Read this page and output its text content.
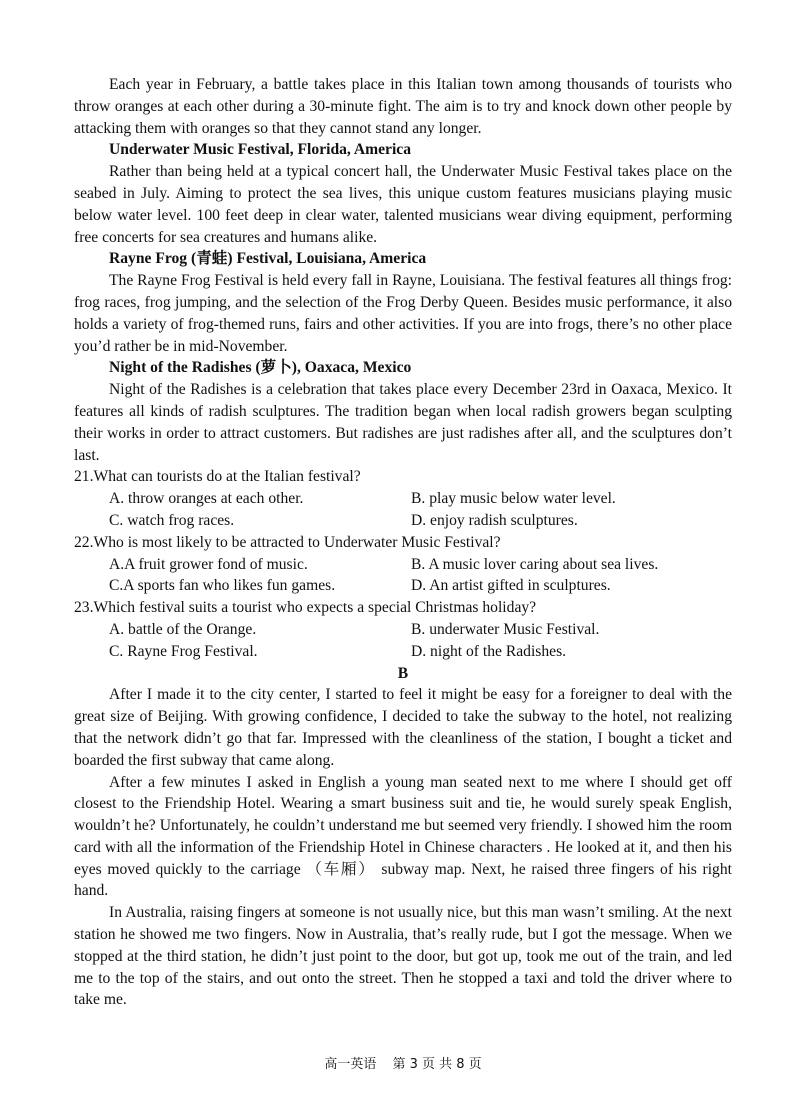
Each year in February, a battle takes place in this Italian town among thousands of tourists who throw oranges at each other during a 30-minute fight. The aim is to try and knock down other people by attacking them with oranges so that they cannot stand any longer.

Underwater Music Festival, Florida, America

Rather than being held at a typical concert hall, the Underwater Music Festival takes place on the seabed in July. Aiming to protect the sea lives, this unique custom features musicians playing music below water level. 100 feet deep in clear water, talented musicians wear diving equipment, performing free concerts for sea creatures and humans alike.

Rayne Frog (青蛙) Festival, Louisiana, America

The Rayne Frog Festival is held every fall in Rayne, Louisiana. The festival features all things frog: frog races, frog jumping, and the selection of the Frog Derby Queen. Besides music performance, it also holds a variety of frog-themed runs, fairs and other activities. If you are into frogs, there’s no other place you’d rather be in mid-November.

Night of the Radishes (萝卜), Oaxaca, Mexico

Night of the Radishes is a celebration that takes place every December 23rd in Oaxaca, Mexico. It features all kinds of radish sculptures. The tradition began when local radish growers began sculpting their works in order to attract customers. But radishes are just radishes after all, and the sculptures don’t last.

21.What can tourists do at the Italian festival?

A. throw oranges at each other.	B. play music below water level.
C. watch frog races.	D. enjoy radish sculptures.

22.Who is most likely to be attracted to Underwater Music Festival?

A.A fruit grower fond of music.	B. A music lover caring about sea lives.
C.A sports fan who likes fun games.	D. An artist gifted in sculptures.

23.Which festival suits a tourist who expects a special Christmas holiday?

A. battle of the Orange.	B. underwater Music Festival.
C. Rayne Frog Festival.	D. night of the Radishes.

B

After I made it to the city center, I started to feel it might be easy for a foreigner to deal with the great size of Beijing. With growing confidence, I decided to take the subway to the hotel, not realizing that the network didn’t go that far. Impressed with the cleanliness of the station, I bought a ticket and boarded the first subway that came along.

After a few minutes I asked in English a young man seated next to me where I should get off closest to the Friendship Hotel. Wearing a smart business suit and tie, he would surely speak English, wouldn’t he? Unfortunately, he couldn’t understand me but seemed very friendly. I showed him the room card with all the information of the Friendship Hotel in Chinese characters . He looked at it, and then his eyes moved quickly to the carriage （车厢） subway map. Next, he raised three fingers of his right hand.

In Australia, raising fingers at someone is not usually nice, but this man wasn’t smiling. At the next station he showed me two fingers. Now in Australia, that’s really rude, but I got the message. When we stopped at the third station, he didn’t just point to the door, but got up, took me out of the train, and led me to the top of the stairs, and out onto the street. Then he stopped a taxi and told the driver where to take me.

高一英语 第 3 页 共 8 页
